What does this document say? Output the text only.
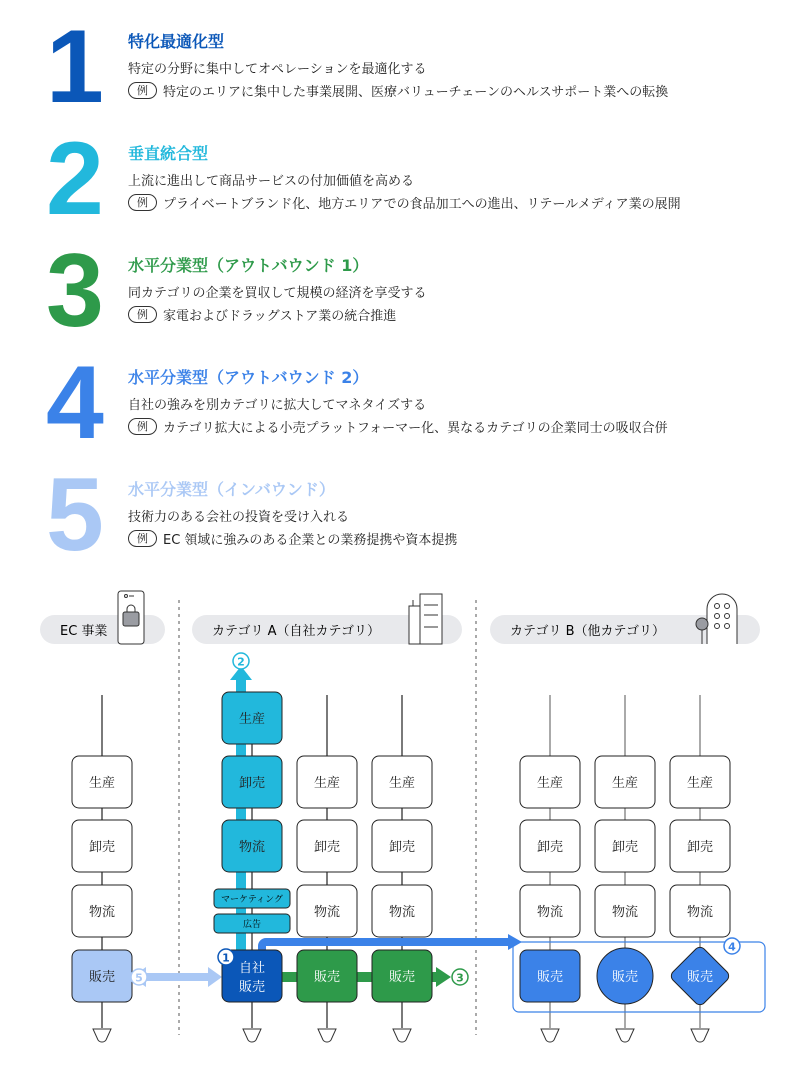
1 特化最適化型
特定の分野に集中してオペレーションを最適化する
例	特定のエリアに集中した事業展開、医療バリューチェーンのヘルスサポート業への転換
2 垂直統合型
上流に進出して商品サービスの付加価値を高める
例	プライベートブランド化、地方エリアでの食品加工への進出、リテールメディア業の展開
3 水平分業型（アウトバウンド 1）
同カテゴリの企業を買収して規模の経済を享受する
例	家電およびドラッグストア業の統合推進
4 水平分業型（アウトバウンド 2）
自社の強みを別カテゴリに拡大してマネタイズする
例	カテゴリ拡大による小売プラットフォーマー化、異なるカテゴリの企業同士の吸収合併
5 水平分業型（インバウンド）
技術力のある会社の投資を受け入れる
例	EC 領域に強みのある企業との業務提携や資本提携
EC 事業	カテゴリ A（自社カテゴリ）	カテゴリ B（他カテゴリ）
生産
卸売
物流
販売
生産
卸売
物流
マーケティング
広告
自社
販売
生産
卸売
物流
販売
生産
卸売
物流
販売
生産
卸売
物流
生産
卸売
物流
生産
卸売
物流
販売	販売	販売
1
2
3
4
5
